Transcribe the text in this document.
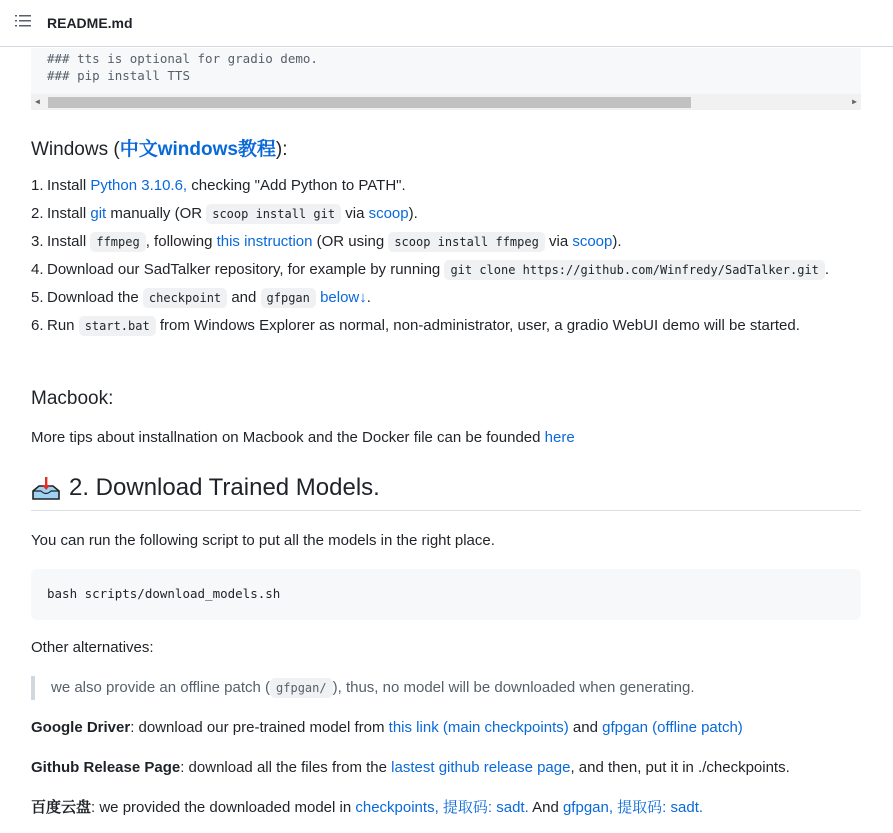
README.md
### tts is optional for gradio demo.
### pip install TTS
◀	▶
Windows (中文windows教程):
1. Install Python 3.10.6, checking "Add Python to PATH".
2. Install git manually (OR scoop install git via scoop).
3. Install ffmpeg , following this instruction (OR using scoop install ffmpeg via scoop).
4. Download our SadTalker repository, for example by running git clone https://github.com/Winfredy/SadTalker.git .
5. Download the checkpoint and gfpgan below↓.
6. Run start.bat from Windows Explorer as normal, non-administrator, user, a gradio WebUI demo will be started.
Macbook:

More tips about installnation on Macbook and the Docker file can be founded here

2. Download Trained Models.

You can run the following script to put all the models in the right place.

bash scripts/download_models.sh

Other alternatives:

we also provide an offline patch ( gfpgan/ ), thus, no model will be downloaded when generating.

Google Driver: download our pre-trained model from this link (main checkpoints) and gfpgan (offline patch)

Github Release Page: download all the files from the lastest github release page, and then, put it in ./checkpoints.

百度云盘: we provided the downloaded model in checkpoints, 提取码: sadt. And gfpgan, 提取码: sadt.
